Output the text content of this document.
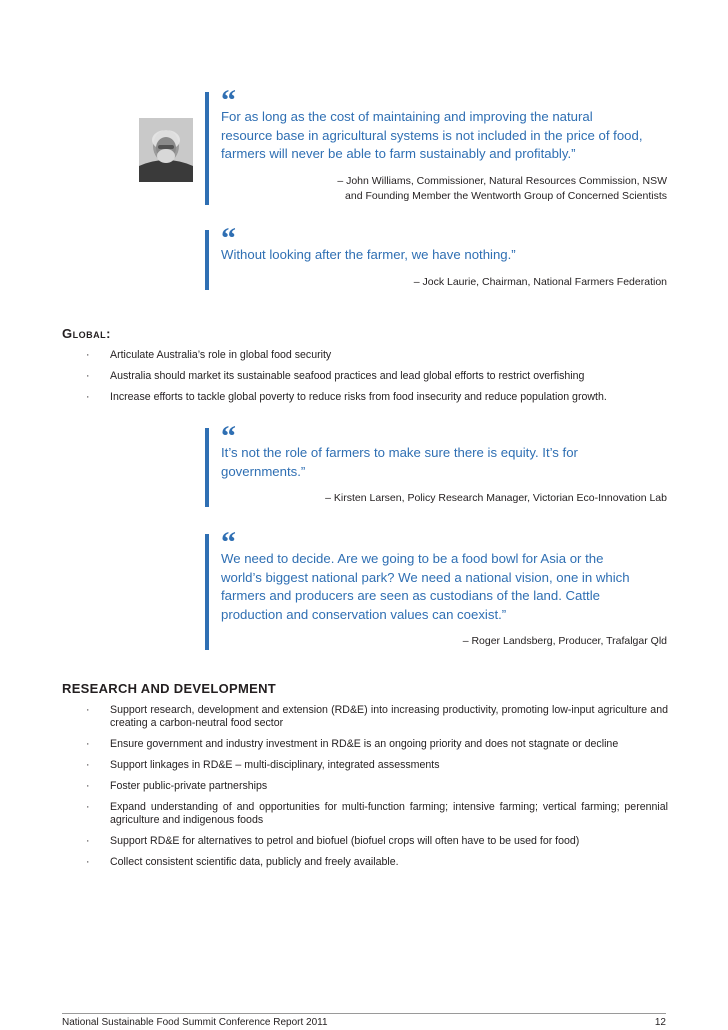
“

For as long as the cost of maintaining and improving the natural resource base in agricultural systems is not included in the price of food, farmers will never be able to farm sustainably and profitably.”

– John Williams, Commissioner, Natural Resources Commission, NSW
and Founding Member the Wentworth Group of Concerned Scientists
“

Without looking after the farmer, we have nothing.”

– Jock Laurie, Chairman, National Farmers Federation
Global:
· Articulate Australia’s role in global food security
· Australia should market its sustainable seafood practices and lead global efforts to restrict overfishing
· Increase efforts to tackle global poverty to reduce risks from food insecurity and reduce population growth.
“

It’s not the role of farmers to make sure there is equity. It’s for governments.”

– Kirsten Larsen, Policy Research Manager, Victorian Eco-Innovation Lab
“

We need to decide. Are we going to be a food bowl for Asia or the world’s biggest national park? We need a national vision, one in which farmers and producers are seen as custodians of the land. Cattle production and conservation values can coexist.”

– Roger Landsberg, Producer, Trafalgar Qld
RESEARCH AND DEVELOPMENT
· Support research, development and extension (RD&E) into increasing productivity, promoting low-input agriculture and creating a carbon-neutral food sector
· Ensure government and industry investment in RD&E is an ongoing priority and does not stagnate or decline
· Support linkages in RD&E – multi-disciplinary, integrated assessments
· Foster public-private partnerships
· Expand understanding of and opportunities for multi-function farming; intensive farming; vertical farming; perennial agriculture and indigenous foods
· Support RD&E for alternatives to petrol and biofuel (biofuel crops will often have to be used for food)
· Collect consistent scientific data, publicly and freely available.
National Sustainable Food Summit Conference Report 2011	12
